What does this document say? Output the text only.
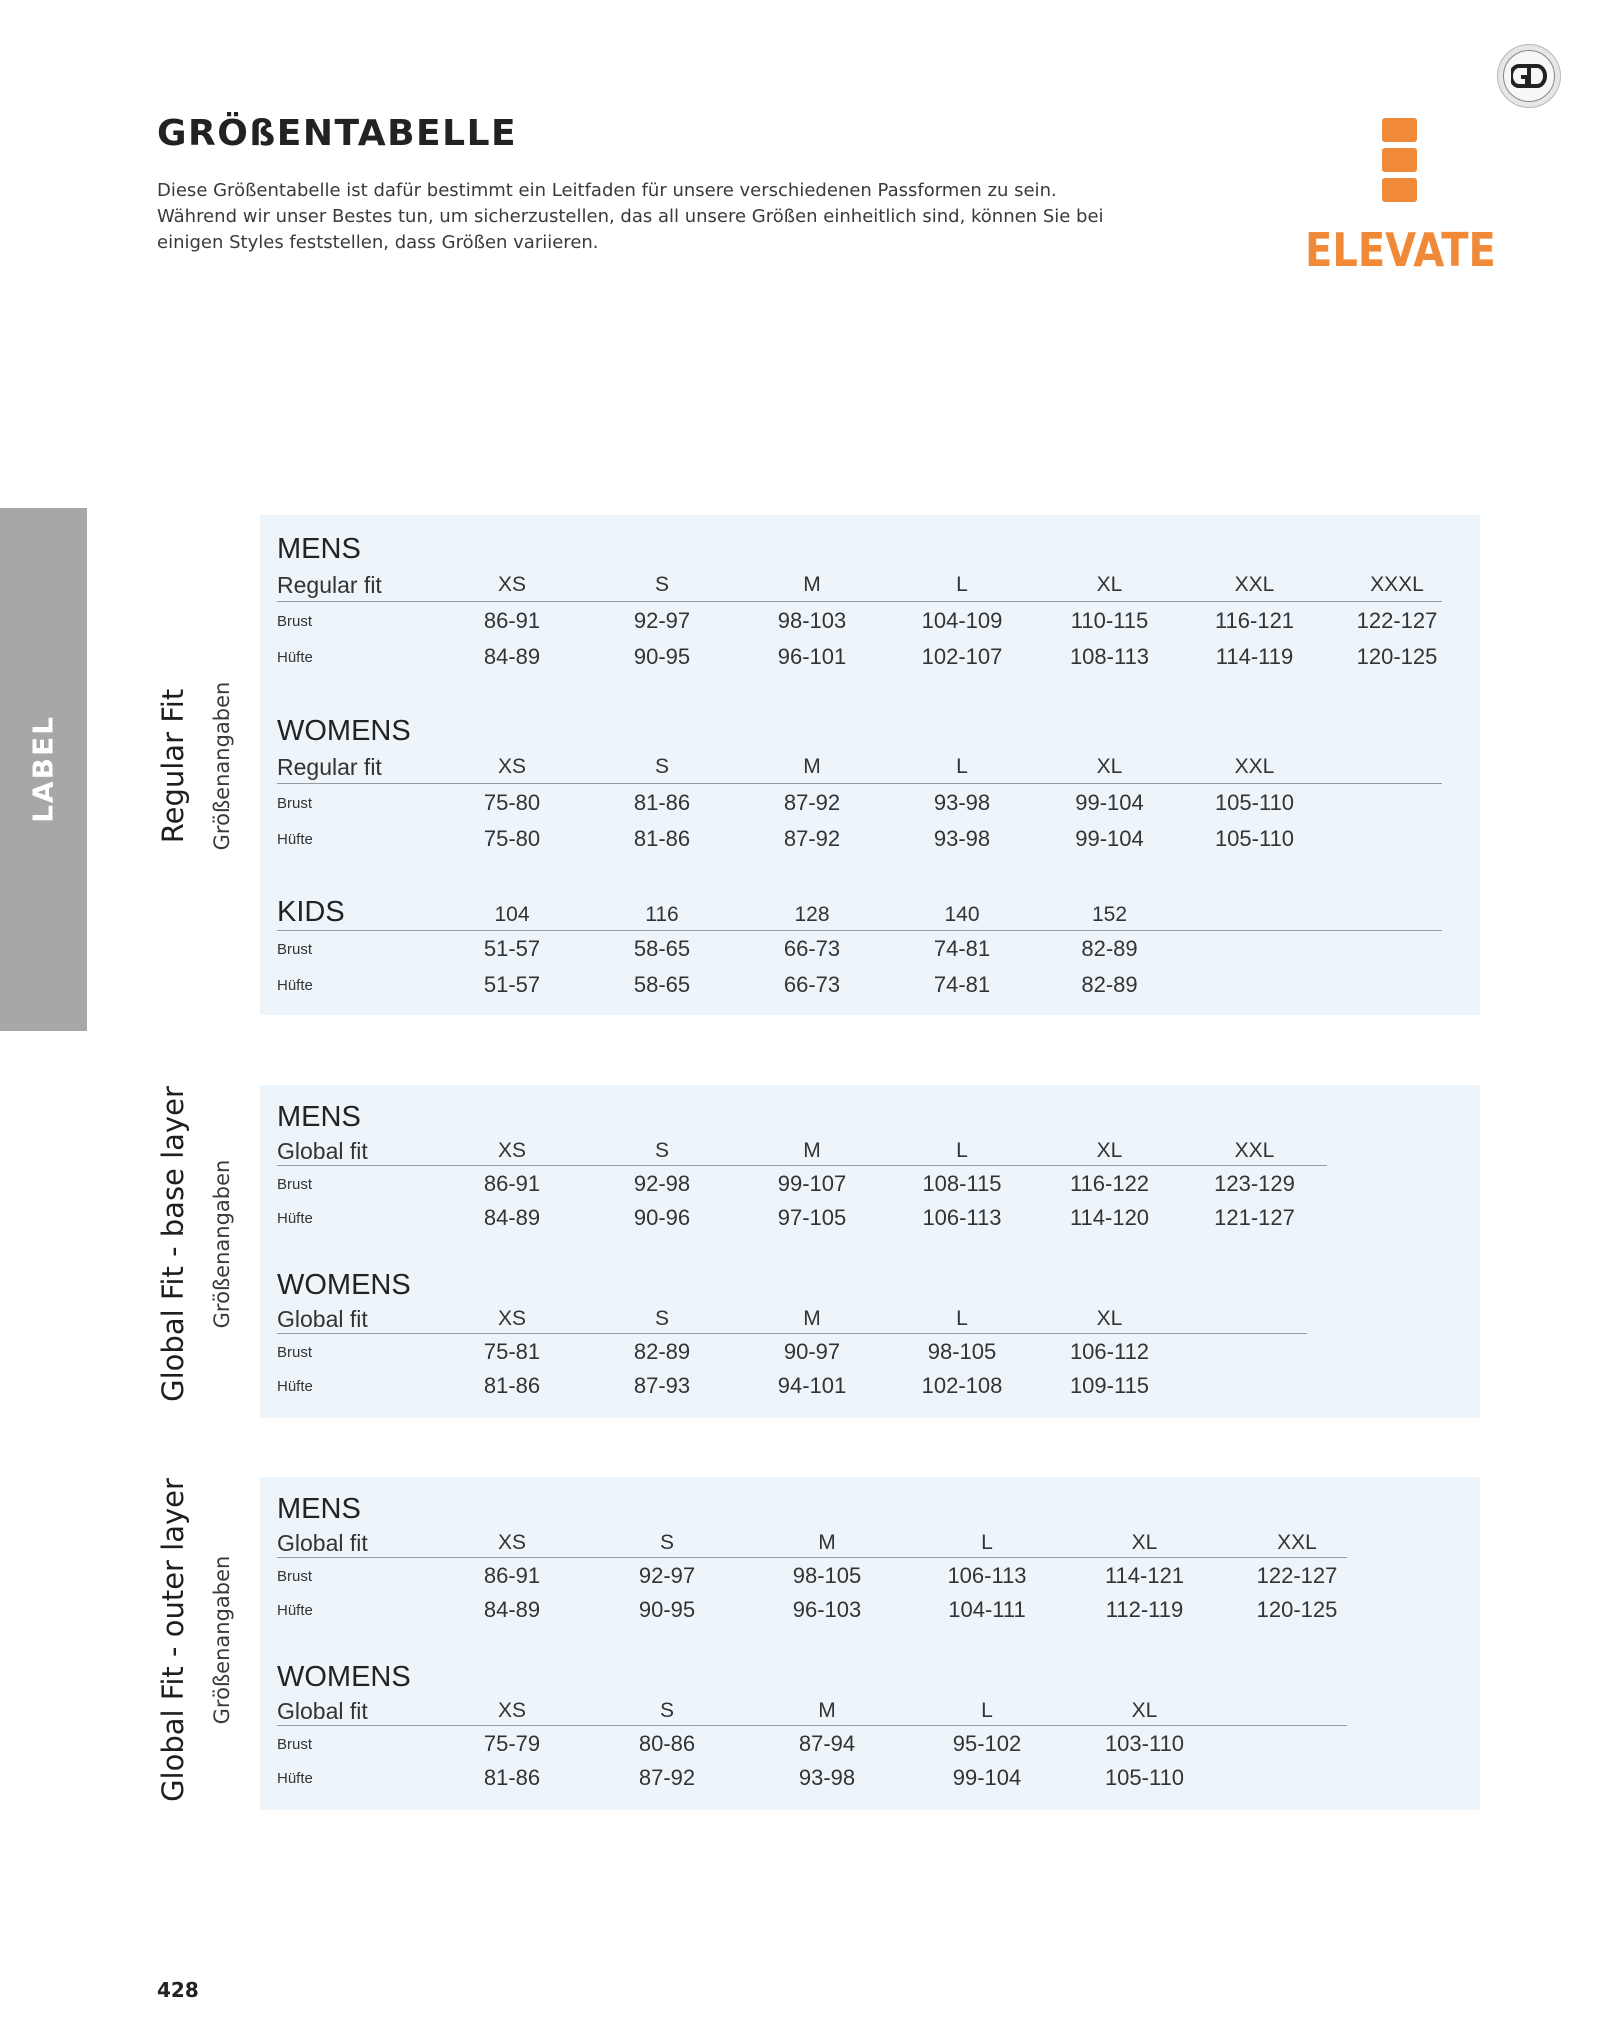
GRÖßENTABELLE

Diese Größentabelle ist dafür bestimmt ein Leitfaden für unsere verschiedenen Passformen zu sein.
Während wir unser Bestes tun, um sicherzustellen, das all unsere Größen einheitlich sind, können Sie bei
einigen Styles feststellen, dass Größen variieren.	ELEVATE
LABEL	Regular Fit Größenangaben
Global Fit - base layer Größenangaben
Global Fit - outer layer Größenangaben
MENS
Regular fit	XS	S	M	L	XL	XXL	XXXL
Brust	86-91	92-97	98-103	104-109	110-115	116-121	122-127
Hüfte	84-89	90-95	96-101	102-107	108-113	114-119	120-125
WOMENS
Regular fit	XS	S	M	L	XL	XXL
Brust	75-80	81-86	87-92	93-98	99-104	105-110
Hüfte	75-80	81-86	87-92	93-98	99-104	105-110
KIDS	104	116	128	140	152
Brust	51-57	58-65	66-73	74-81	82-89
Hüfte	51-57	58-65	66-73	74-81	82-89
MENS
Global fit	XS	S	M	L	XL	XXL
Brust	86-91	92-98	99-107	108-115	116-122	123-129
Hüfte	84-89	90-96	97-105	106-113	114-120	121-127
WOMENS
Global fit	XS	S	M	L	XL
Brust	75-81	82-89	90-97	98-105	106-112
Hüfte	81-86	87-93	94-101	102-108	109-115
MENS
Global fit	XS	S	M	L	XL	XXL
Brust	86-91	92-97	98-105	106-113	114-121	122-127
Hüfte	84-89	90-95	96-103	104-111	112-119	120-125
WOMENS
Global fit	XS	S	M	L	XL
Brust	75-79	80-86	87-94	95-102	103-110
Hüfte	81-86	87-92	93-98	99-104	105-110
428
